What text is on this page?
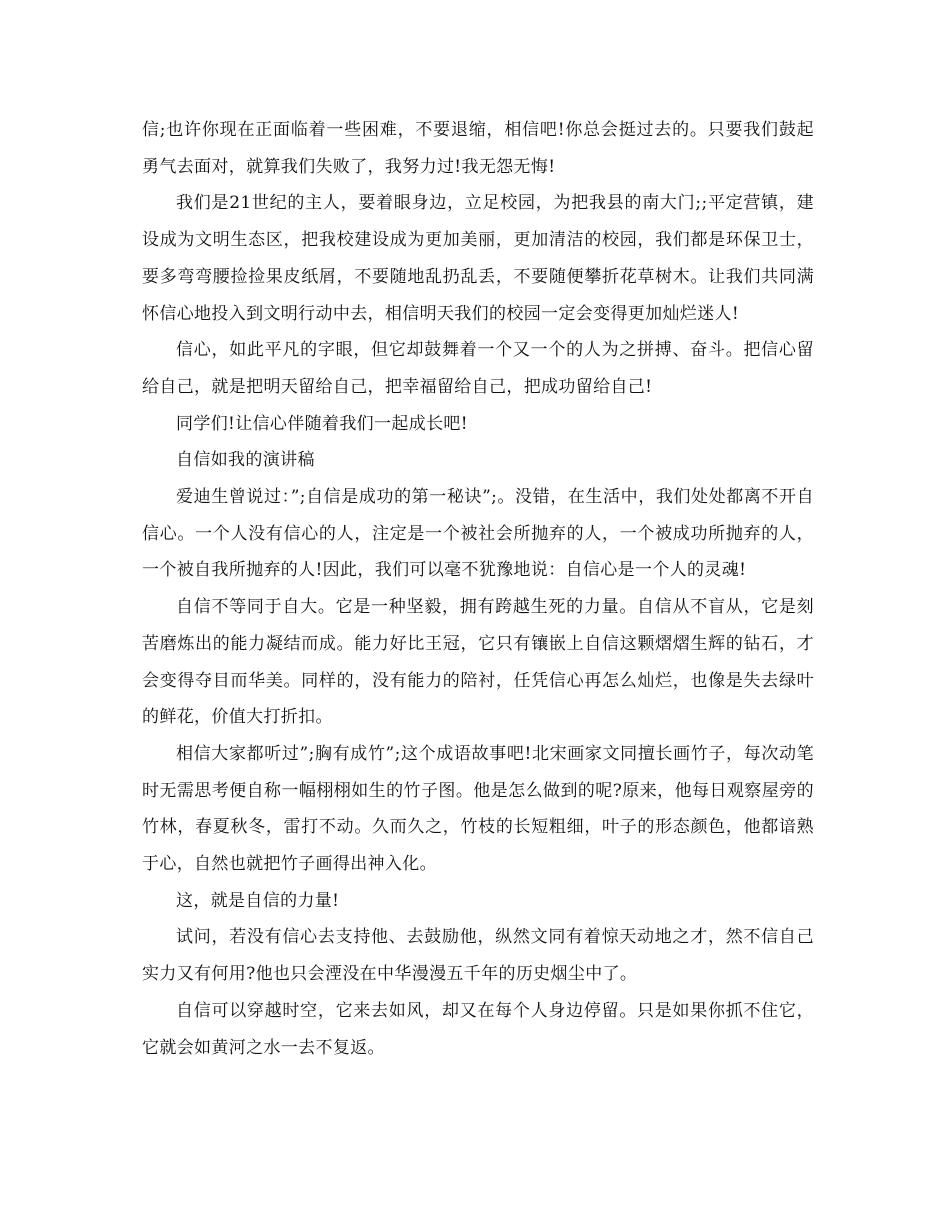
信;也许你现在正面临着一些困难，不要退缩，相信吧!你总会挺过去的。只要我们鼓起勇气去面对，就算我们失败了，我努力过!我无怨无悔!

我们是21世纪的主人，要着眼身边，立足校园，为把我县的南大门;;平定营镇，建设成为文明生态区，把我校建设成为更加美丽，更加清洁的校园，我们都是环保卫士，要多弯弯腰捡捡果皮纸屑，不要随地乱扔乱丢，不要随便攀折花草树木。让我们共同满怀信心地投入到文明行动中去，相信明天我们的校园一定会变得更加灿烂迷人!

信心，如此平凡的字眼，但它却鼓舞着一个又一个的人为之拼搏、奋斗。把信心留给自己，就是把明天留给自己，把幸福留给自己，把成功留给自己!

同学们!让信心伴随着我们一起成长吧!

自信如我的演讲稿

爱迪生曾说过：”;自信是成功的第一秘诀”;。没错，在生活中，我们处处都离不开自信心。一个人没有信心的人，注定是一个被社会所抛弃的人，一个被成功所抛弃的人，一个被自我所抛弃的人!因此，我们可以毫不犹豫地说：自信心是一个人的灵魂!

自信不等同于自大。它是一种坚毅，拥有跨越生死的力量。自信从不盲从，它是刻苦磨炼出的能力凝结而成。能力好比王冠，它只有镶嵌上自信这颗熠熠生辉的钻石，才会变得夺目而华美。同样的，没有能力的陪衬，任凭信心再怎么灿烂，也像是失去绿叶的鲜花，价值大打折扣。

相信大家都听过”;胸有成竹”;这个成语故事吧!北宋画家文同擅长画竹子，每次动笔时无需思考便自称一幅栩栩如生的竹子图。他是怎么做到的呢?原来，他每日观察屋旁的竹林，春夏秋冬，雷打不动。久而久之，竹枝的长短粗细，叶子的形态颜色，他都谙熟于心，自然也就把竹子画得出神入化。

这，就是自信的力量!

试问，若没有信心去支持他、去鼓励他，纵然文同有着惊天动地之才，然不信自己实力又有何用?他也只会湮没在中华漫漫五千年的历史烟尘中了。

自信可以穿越时空，它来去如风，却又在每个人身边停留。只是如果你抓不住它，它就会如黄河之水一去不复返。
